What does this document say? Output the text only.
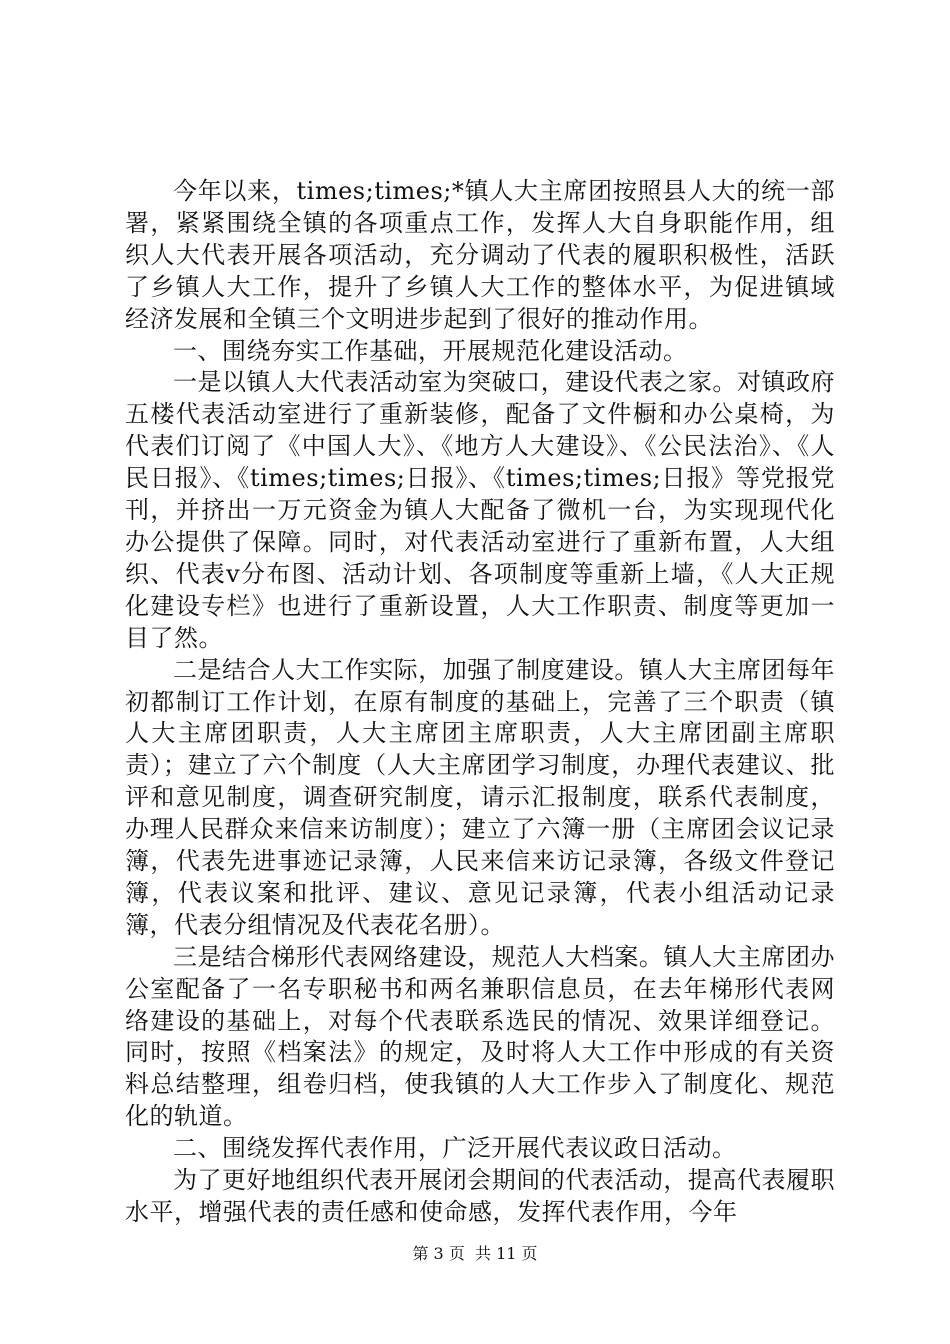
今年以来，times;times;*镇人大主席团按照县人大的统一部署，紧紧围绕全镇的各项重点工作，发挥人大自身职能作用，组织人大代表开展各项活动，充分调动了代表的履职积极性，活跃了乡镇人大工作，提升了乡镇人大工作的整体水平，为促进镇域经济发展和全镇三个文明进步起到了很好的推动作用。

一、围绕夯实工作基础，开展规范化建设活动。

一是以镇人大代表活动室为突破口，建设代表之家。对镇政府五楼代表活动室进行了重新装修，配备了文件橱和办公桌椅，为代表们订阅了《中国人大》、《地方人大建设》、《公民法治》、《人民日报》、《times;times;日报》、《times;times;日报》等党报党刊，并挤出一万元资金为镇人大配备了微机一台，为实现现代化办公提供了保障。同时，对代表活动室进行了重新布置，人大组织、代表v分布图、活动计划、各项制度等重新上墙，《人大正规化建设专栏》也进行了重新设置，人大工作职责、制度等更加一目了然。

二是结合人大工作实际，加强了制度建设。镇人大主席团每年初都制订工作计划，在原有制度的基础上，完善了三个职责（镇人大主席团职责，人大主席团主席职责，人大主席团副主席职责）；建立了六个制度（人大主席团学习制度，办理代表建议、批评和意见制度，调查研究制度，请示汇报制度，联系代表制度，办理人民群众来信来访制度）；建立了六簿一册（主席团会议记录簿，代表先进事迹记录簿，人民来信来访记录簿，各级文件登记簿，代表议案和批评、建议、意见记录簿，代表小组活动记录簿，代表分组情况及代表花名册）。

三是结合梯形代表网络建设，规范人大档案。镇人大主席团办公室配备了一名专职秘书和两名兼职信息员，在去年梯形代表网络建设的基础上，对每个代表联系选民的情况、效果详细登记。同时，按照《档案法》的规定，及时将人大工作中形成的有关资料总结整理，组卷归档，使我镇的人大工作步入了制度化、规范化的轨道。

二、围绕发挥代表作用，广泛开展代表议政日活动。

为了更好地组织代表开展闭会期间的代表活动，提高代表履职水平，增强代表的责任感和使命感，发挥代表作用，今年

第 3 页  共 11 页
